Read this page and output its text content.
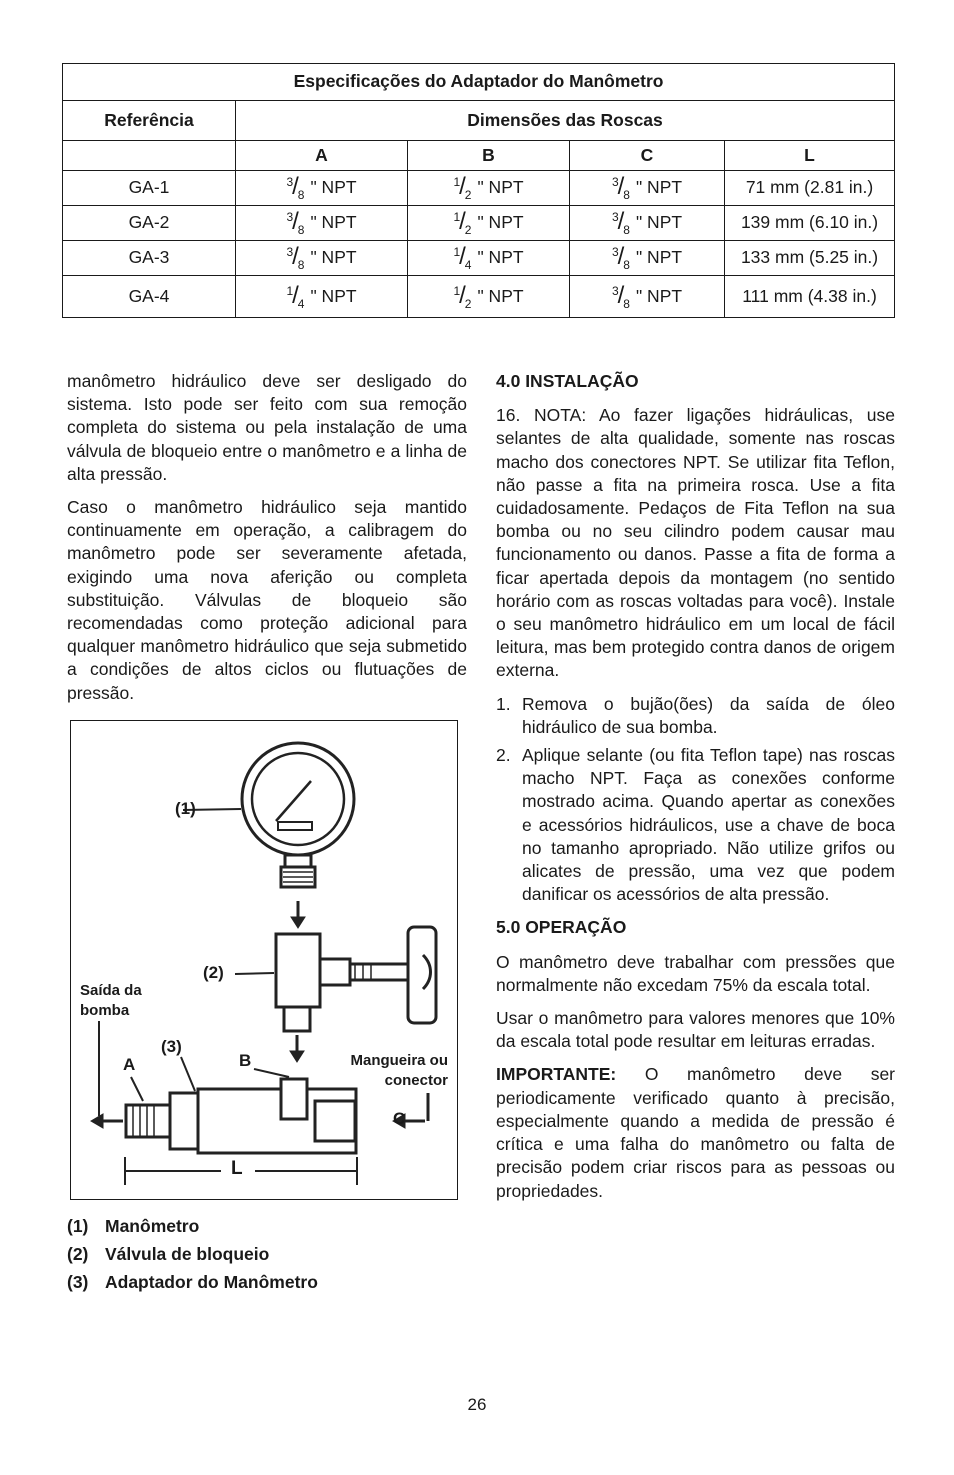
Especificações do Adaptador do Manômetro				
Referência	Dimensões das Roscas			
	A	B	C	L
GA-1	$^3/_8$ " NPT	$^1/_2$ " NPT	$^3/_8$ " NPT	71 mm (2.81 in.)
GA-2	$^3/_8$ " NPT	$^1/_2$ " NPT	$^3/_8$ " NPT	139 mm (6.10 in.)
GA-3	$^3/_8$ " NPT	$^1/_4$ " NPT	$^3/_8$ " NPT	133 mm (5.25 in.)
GA-4	$^1/_4$ " NPT	$^1/_2$ " NPT	$^3/_8$ " NPT	111 mm (4.38 in.)

manômetro hidráulico deve ser desligado do sistema. Isto pode ser feito com sua remoção completa do sistema ou pela instalação de uma válvula de bloqueio entre o manômetro e a linha de alta pressão.

Caso o manômetro hidráulico seja mantido continuamente em operação, a calibragem do manômetro pode ser severamente afetada, exigindo uma nova aferição ou completa substituição. Válvulas de bloqueio são recomendadas como proteção adicional para qualquer manômetro hidráulico que seja submetido a condições de altos ciclos ou flutuações de pressão.

(1)
(2)
(3)
A	B
C
L
Saída da
bomba
Mangueira ou
conector
(1) Manômetro
(2) Válvula de bloqueio
(3) Adaptador do Manômetro
4.0 INSTALAÇÃO

16. NOTA: Ao fazer ligações hidráulicas, use selantes de alta qualidade, somente nas roscas macho dos conectores NPT. Se utilizar fita Teflon, não passe a fita na primeira rosca. Use a fita cuidadosamente. Pedaços de Fita Teflon na sua bomba ou no seu cilindro podem causar mau funcionamento ou danos. Passe a fita de forma a ficar apertada depois da montagem (no sentido horário com as roscas voltadas para você). Instale o seu manômetro hidráulico em um local de fácil leitura, mas bem protegido contra danos de origem externa.

1. Remova o bujão(ões) da saída de óleo hidráulico de sua bomba.
2. Aplique selante (ou fita Teflon tape) nas roscas macho NPT. Faça as conexões conforme mostrado acima. Quando apertar as conexões e acessórios hidráulicos, use a chave de boca no tamanho apropriado. Não utilize grifos ou alicates de pressão, uma vez que podem danificar os acessórios de alta pressão.
5.0 OPERAÇÃO

O manômetro deve trabalhar com pressões que normalmente não excedam 75% da escala total.

Usar o manômetro para valores menores que 10% da escala total pode resultar em leituras erradas.

IMPORTANTE: O manômetro deve ser periodicamente verificado quanto à precisão, especialmente quando a medida de pressão é crítica e uma falha do manômetro ou falta de precisão podem criar riscos para as pessoas ou propriedades.

26
